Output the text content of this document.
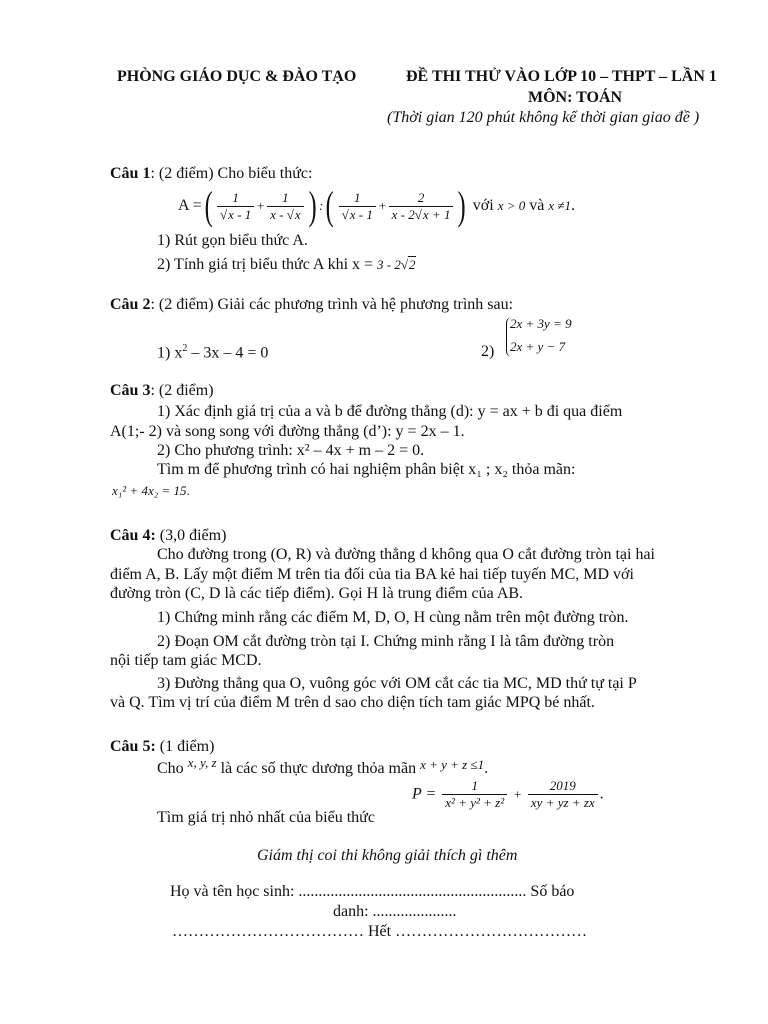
PHÒNG GIÁO DỤC & ĐÀO TẠO	ĐỀ THI THỬ VÀO LỚP 10 – THPT – LẦN 1
MÔN: TOÁN
(Thời gian 120 phút không kể thời gian giao đề )
Câu 1: (2 điểm) Cho biểu thức:
A =( $\frac{1}{√x - 1} + \frac{1}{x - √x}$ ) :( $\frac{1}{√x - 1} + \frac{2}{x - 2√x + 1}$ ) với x > 0 và x ≠1.
1) Rút gọn biểu thức A.
2) Tính giá trị biểu thức A khi x = 3 - 2√2
Câu 2: (2 điểm) Giải các phương trình và hệ phương trình sau:
1) $x^2 - 3x - 4 = 0$	2)
2x + 3y = 9
2x + y − 7
Câu 3: (2 điểm)
1) Xác định giá trị của a và b để đường thẳng (d): y = ax + b đi qua điểm
A(1;- 2) và song song với đường thẳng (d’): y = 2x – 1.
2) Cho phương trình: x² – 4x + m – 2 = 0.
Tìm m để phương trình có hai nghiệm phân biệt x₁ ; x₂ thỏa mãn:
x₁² + 4x₂ = 15.
Câu 4: (3,0 điểm)
Cho đường trong (O, R) và đường thẳng d không qua O cắt đường tròn tại hai
điểm A, B. Lấy một điểm M trên tia đối của tia BA kẻ hai tiếp tuyến MC, MD với
đường tròn (C, D là các tiếp điểm). Gọi H là trung điểm của AB.
1) Chứng minh rằng các điểm M, D, O, H cùng nằm trên một đường tròn.
2) Đoạn OM cắt đường tròn tại I. Chứng minh rằng I là tâm đường tròn
nội tiếp tam giác MCD.
3) Đường thẳng qua O, vuông góc với OM cắt các tia MC, MD thứ tự tại P
và Q. Tìm vị trí của điểm M trên d sao cho diện tích tam giác MPQ bé nhất.
Câu 5: (1 điểm)
Cho $^{x, y, z}$ là các số thực dương thỏa mãn $^{x + y + z \le 1}$.
Tìm giá trị nhỏ nhất của biểu thức
$P = \frac{1}{\text{x² + y² + z²}} + \frac{2019}{xy + yz + zx}$ .
Giám thị coi thi không giải thích gì thêm
Họ và tên học sinh: ......................................................... Số báo
danh: .....................
……………………………… Hết ………………………………
